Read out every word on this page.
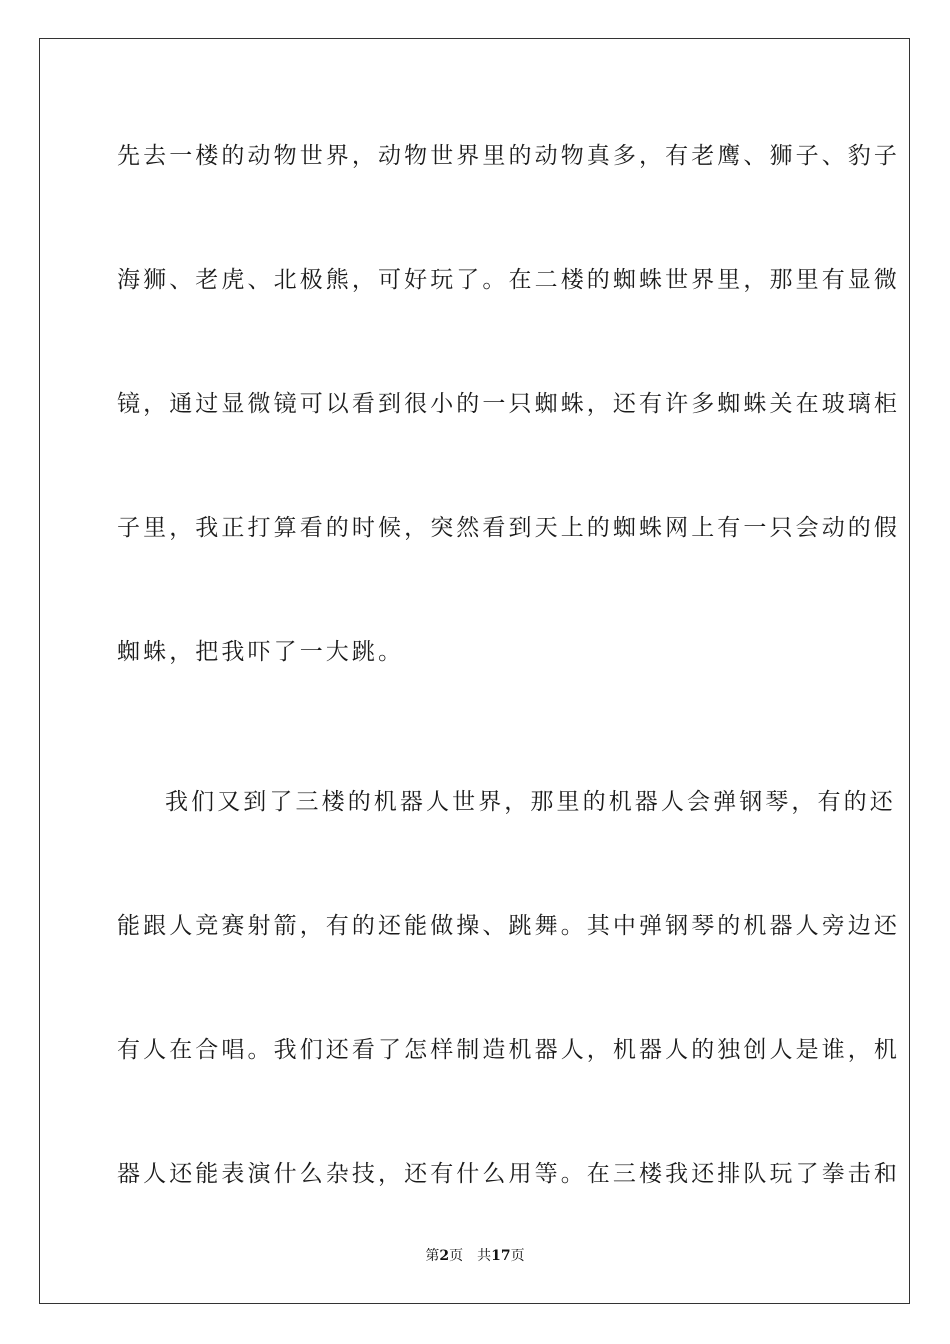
先去一楼的动物世界，动物世界里的动物真多，有老鹰、狮子、豹子
海狮、老虎、北极熊，可好玩了。在二楼的蜘蛛世界里，那里有显微
镜，通过显微镜可以看到很小的一只蜘蛛，还有许多蜘蛛关在玻璃柜
子里，我正打算看的时候，突然看到天上的蜘蛛网上有一只会动的假
蜘蛛，把我吓了一大跳。
我们又到了三楼的机器人世界，那里的机器人会弹钢琴，有的还
能跟人竞赛射箭，有的还能做操、跳舞。其中弹钢琴的机器人旁边还
有人在合唱。我们还看了怎样制造机器人，机器人的独创人是谁，机
器人还能表演什么杂技，还有什么用等。在三楼我还排队玩了拳击和
第2页 共17页
